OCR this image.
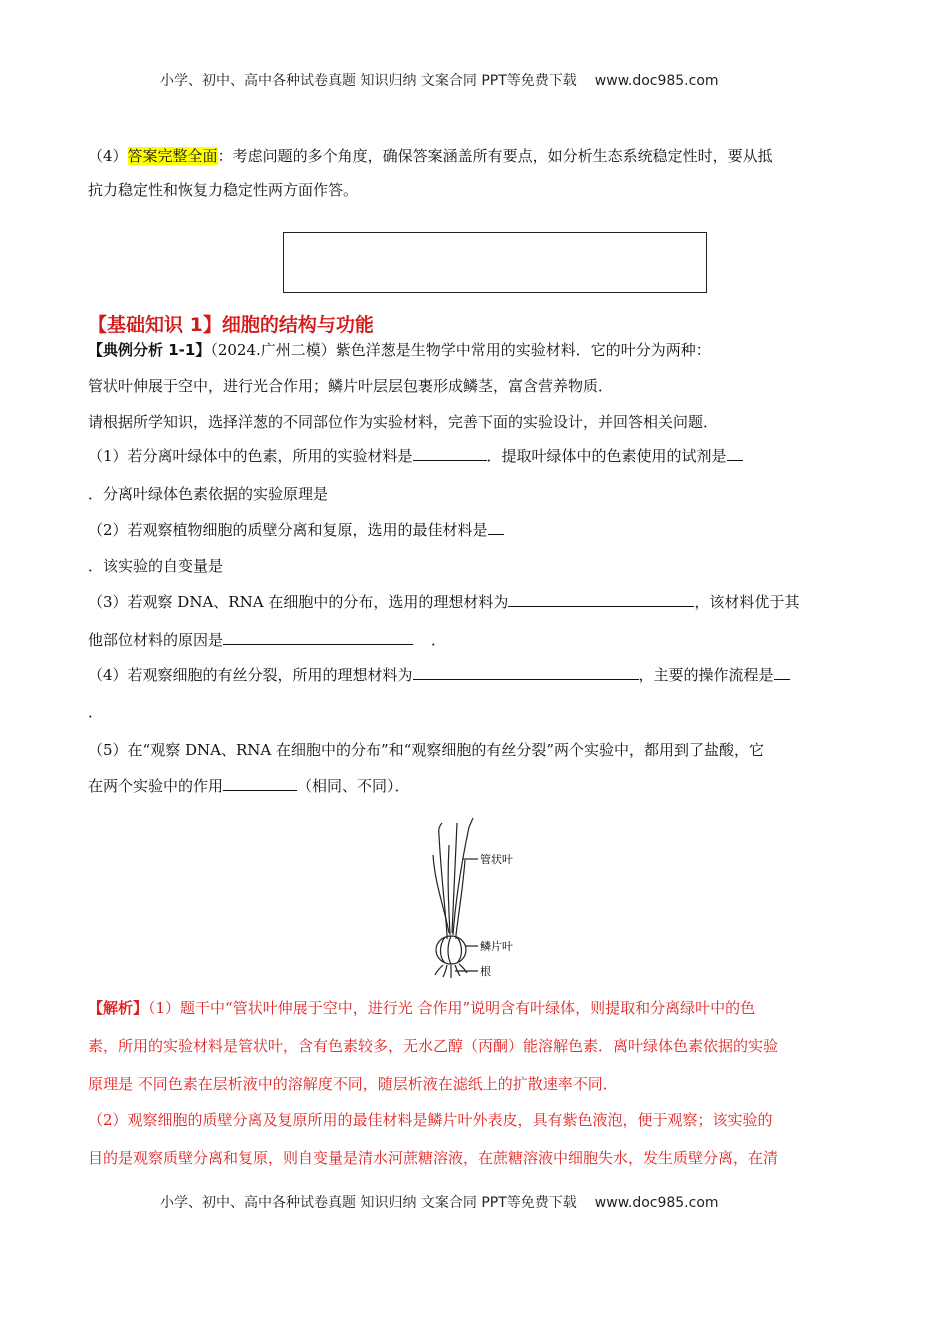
小学、初中、高中各种试卷真题 知识归纳 文案合同 PPT等免费下载 www.doc985.com
（4）答案完整全面：考虑问题的多个角度，确保答案涵盖所有要点，如分析生态系统稳定性时，要从抵
抗力稳定性和恢复力稳定性两方面作答。
【基础知识 1】细胞的结构与功能
【典例分析 1-1】（2024.广州二模）紫色洋葱是生物学中常用的实验材料．它的叶分为两种：
管状叶伸展于空中，进行光合作用；鳞片叶层层包裹形成鳞茎，富含营养物质．
请根据所学知识，选择洋葱的不同部位作为实验材料，完善下面的实验设计，并回答相关问题．
（1）若分离叶绿体中的色素，所用的实验材料是	．提取叶绿体中的色素使用的试剂是
．分离叶绿体色素依据的实验原理是
（2）若观察植物细胞的质壁分离和复原，选用的最佳材料是
．该实验的自变量是
（3）若观察 DNA、RNA 在细胞中的分布，选用的理想材料为	，该材料优于其
他部位材料的原因是	．
（4）若观察细胞的有丝分裂，所用的理想材料为	，主要的操作流程是
．
（5）在“观察 DNA、RNA 在细胞中的分布”和“观察细胞的有丝分裂”两个实验中，都用到了盐酸，它
在两个实验中的作用	（相同、不同）．
管状叶
鳞片叶
根
【解析】（1）题干中“管状叶伸展于空中，进行光 合作用”说明含有叶绿体，则提取和分离绿叶中的色
素，所用的实验材料是管状叶，含有色素较多，无水乙醇（丙酮）能溶解色素．离叶绿体色素依据的实验
原理是 不同色素在层析液中的溶解度不同，随层析液在滤纸上的扩散速率不同．
（2）观察细胞的质壁分离及复原所用的最佳材料是鳞片叶外表皮，具有紫色液泡，便于观察；该实验的
目的是观察质壁分离和复原，则自变量是清水河蔗糖溶液，在蔗糖溶液中细胞失水，发生质壁分离，在清
小学、初中、高中各种试卷真题 知识归纳 文案合同 PPT等免费下载 www.doc985.com
